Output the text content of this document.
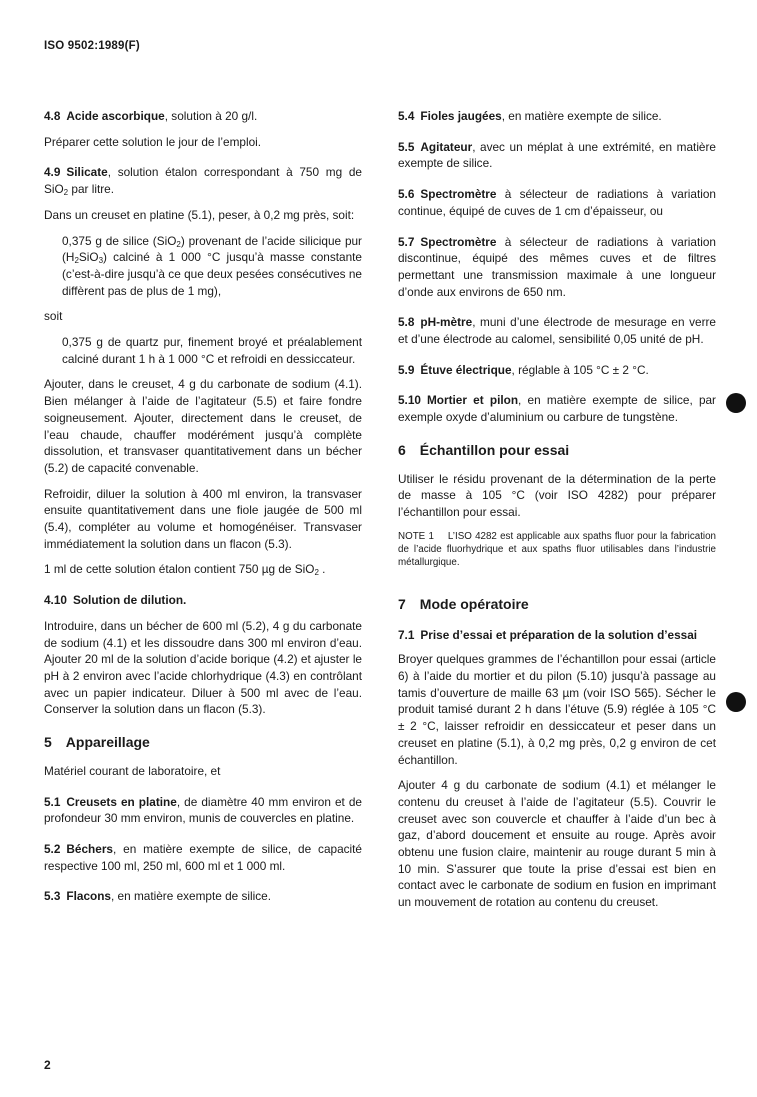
ISO 9502:1989(F)

4.8 Acide ascorbique, solution à 20 g/l.

Préparer cette solution le jour de l’emploi.

4.9 Silicate, solution étalon correspondant à 750 mg de SiO$_2$ par litre.

Dans un creuset en platine (5.1), peser, à 0,2 mg près, soit:

0,375 g de silice (SiO$_2$) provenant de l’acide silicique pur $(H_2SiO_3)$ calciné à 1 000 °C jusqu’à masse constante (c’est-à-dire jusqu’à ce que deux pesées consécutives ne diffèrent pas de plus de 1 mg),

soit

0,375 g de quartz pur, finement broyé et préalablement calciné durant 1 h à 1 000 °C et refroidi en dessiccateur.

Ajouter, dans le creuset, 4 g du carbonate de sodium (4.1). Bien mélanger à l’aide de l’agitateur (5.5) et faire fondre soigneusement. Ajouter, directement dans le creuset, de l’eau chaude, chauffer modérément jusqu’à complète dissolution, et transvaser quantitativement dans un bécher (5.2) de capacité convenable.

Refroidir, diluer la solution à 400 ml environ, la transvaser ensuite quantitativement dans une fiole jaugée de 500 ml (5.4), compléter au volume et homogénéiser. Transvaser immédiatement la solution dans un flacon (5.3).

1 ml de cette solution étalon contient 750 µg de SiO$_2$ .

4.10 Solution de dilution.

Introduire, dans un bécher de 600 ml (5.2), 4 g du carbonate de sodium (4.1) et les dissoudre dans 300 ml environ d’eau. Ajouter 20 ml de la solution d’acide borique (4.2) et ajuster le pH à 2 environ avec l’acide chlorhydrique (4.3) en contrôlant avec un papier indicateur. Diluer à 500 ml avec de l’eau. Conserver la solution dans un flacon (5.3).

5 Appareillage

Matériel courant de laboratoire, et

5.1 Creusets en platine, de diamètre 40 mm environ et de profondeur 30 mm environ, munis de couvercles en platine.

5.2 Béchers, en matière exempte de silice, de capacité respective 100 ml, 250 ml, 600 ml et 1 000 ml.

5.3 Flacons, en matière exempte de silice.

5.4 Fioles jaugées, en matière exempte de silice.

5.5 Agitateur, avec un méplat à une extrémité, en matière exempte de silice.

5.6 Spectromètre à sélecteur de radiations à variation continue, équipé de cuves de 1 cm d’épaisseur, ou

5.7 Spectromètre à sélecteur de radiations à variation discontinue, équipé des mêmes cuves et de filtres permettant une transmission maximale à une longueur d’onde aux environs de 650 nm.

5.8 pH-mètre, muni d’une électrode de mesurage en verre et d’une électrode au calomel, sensibilité 0,05 unité de pH.

5.9 Étuve électrique, réglable à 105 °C ± 2 °C.

5.10 Mortier et pilon, en matière exempte de silice, par exemple oxyde d’aluminium ou carbure de tungstène.

6 Échantillon pour essai

Utiliser le résidu provenant de la détermination de la perte de masse à 105 °C (voir ISO 4282) pour préparer l’échantillon pour essai.

NOTE 1 L’ISO 4282 est applicable aux spaths fluor pour la fabrication de l’acide fluorhydrique et aux spaths fluor utilisables dans l’industrie métallurgique.

7 Mode opératoire

7.1 Prise d’essai et préparation de la solution d’essai

Broyer quelques grammes de l’échantillon pour essai (article 6) à l’aide du mortier et du pilon (5.10) jusqu’à passage au tamis d’ouverture de maille 63 µm (voir ISO 565). Sécher le produit tamisé durant 2 h dans l’étuve (5.9) réglée à 105 °C ± 2 °C, laisser refroidir en dessiccateur et peser dans un creuset en platine (5.1), à 0,2 mg près, 0,2 g environ de cet échantillon.

Ajouter 4 g du carbonate de sodium (4.1) et mélanger le contenu du creuset à l’aide de l’agitateur (5.5). Couvrir le creuset avec son couvercle et chauffer à l’aide d’un bec à gaz, d’abord doucement et ensuite au rouge. Après avoir obtenu une fusion claire, maintenir au rouge durant 5 min à 10 min. S’assurer que toute la prise d’essai est bien en contact avec le carbonate de sodium en fusion en imprimant un mouvement de rotation au contenu du creuset.

2
